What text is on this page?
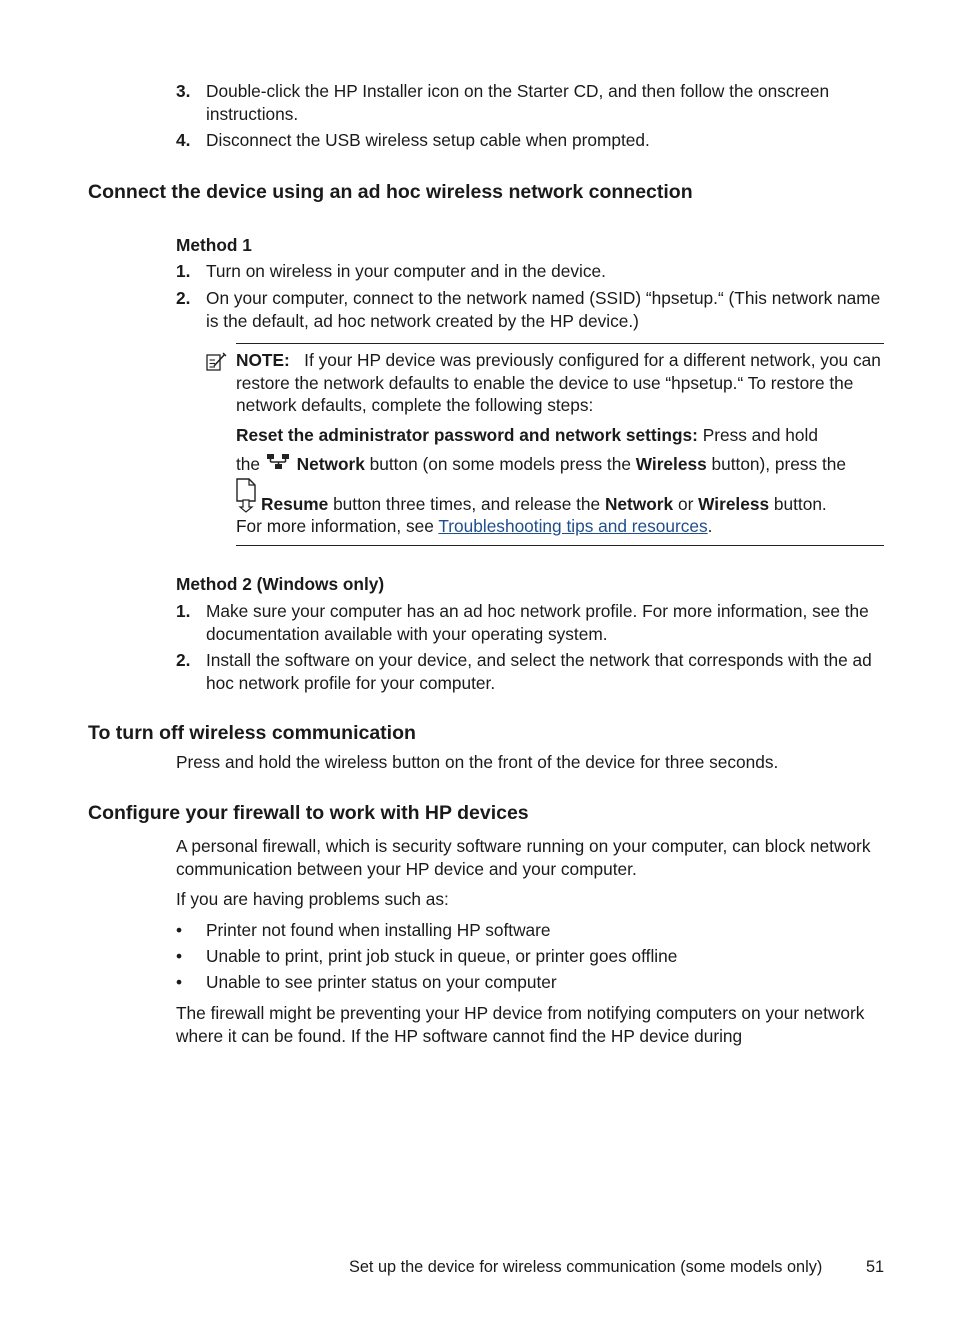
3. Double-click the HP Installer icon on the Starter CD, and then follow the onscreen instructions.
4. Disconnect the USB wireless setup cable when prompted.
Connect the device using an ad hoc wireless network connection
Method 1
1. Turn on wireless in your computer and in the device.
2. On your computer, connect to the network named (SSID) “hpsetup.“ (This network name is the default, ad hoc network created by the HP device.)
NOTE: If your HP device was previously configured for a different network, you can restore the network defaults to enable the device to use “hpsetup.“ To restore the network defaults, complete the following steps:
Reset the administrator password and network settings: Press and hold
the Network button (on some models press the Wireless button), press the
Resume button three times, and release the Network or Wireless button.
For more information, see Troubleshooting tips and resources.
Method 2 (Windows only)
1. Make sure your computer has an ad hoc network profile. For more information, see the documentation available with your operating system.
2. Install the software on your device, and select the network that corresponds with the ad hoc network profile for your computer.
To turn off wireless communication
Press and hold the wireless button on the front of the device for three seconds.
Configure your firewall to work with HP devices
A personal firewall, which is security software running on your computer, can block network communication between your HP device and your computer.
If you are having problems such as:
• Printer not found when installing HP software
• Unable to print, print job stuck in queue, or printer goes offline
• Unable to see printer status on your computer
The firewall might be preventing your HP device from notifying computers on your network where it can be found. If the HP software cannot find the HP device during
Set up the device for wireless communication (some models only)	51
